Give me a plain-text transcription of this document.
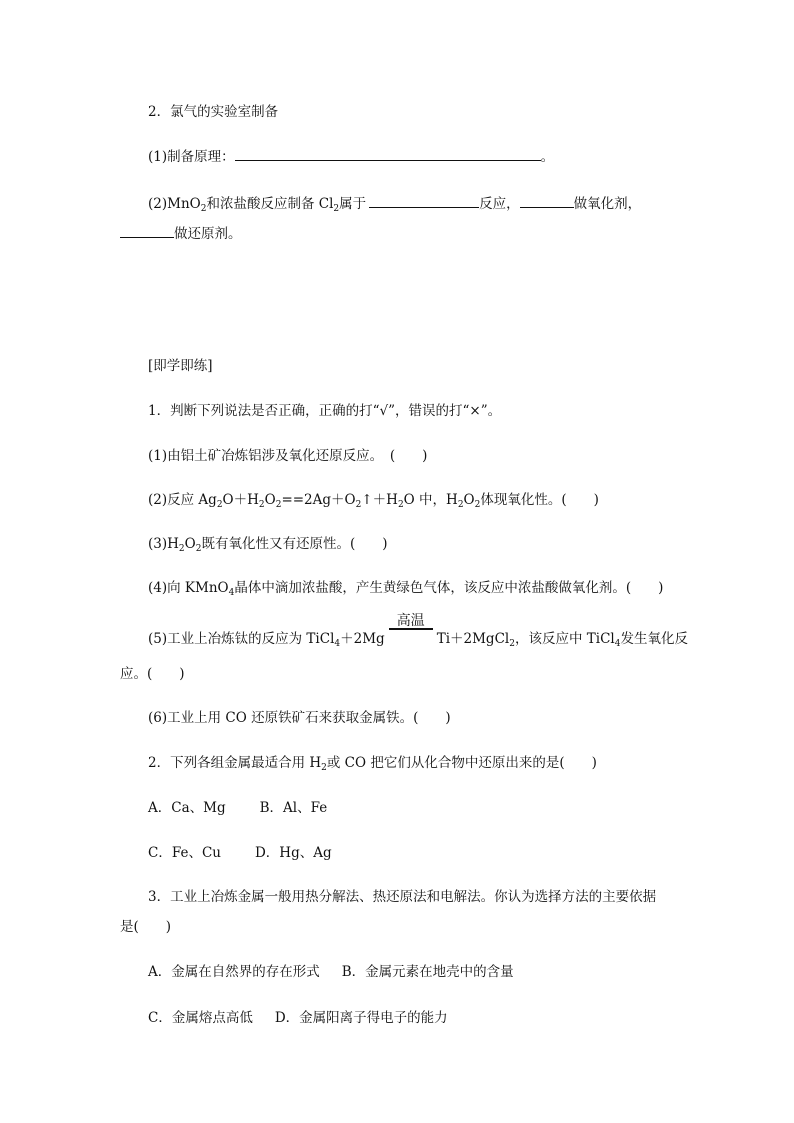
2．氯气的实验室制备
(1)制备原理：	。
(2)MnO$_2$和浓盐酸反应制备 $Cl_2$属于	反应，	做氧化剂，
做还原剂。
[即学即练]
1．判断下列说法是否正确，正确的打“√”，错误的打“×”。
(1)由铝土矿冶炼铝涉及氧化还原反应。　(　　)
(2)反应 $Ag_2O+H_2O_2==2Ag+O_2↑+H_2O$ 中，$H_2O_2$体现氧化性。(　　)
$(3)H_2O_2$既有氧化性又有还原性。(　　)
(4)向 KMnO$_4$晶体中滴加浓盐酸，产生黄绿色气体，该反应中浓盐酸做氧化剂。(　　)
(5)工业上冶炼钛的反应为 TiCl$_4$＋2Mg
高温
Ti＋2MgCl$_2$，该反应中 TiCl$_4$发生氧化反
应。(　　)
(6)工业上用 CO 还原铁矿石来获取金属铁。(　　)
2．下列各组金属最适合用 $H_2$或 CO 把它们从化合物中还原出来的是(　　)
A．Ca、Mg	B．Al、Fe
C．Fe、Cu	D．Hg、Ag
3．工业上冶炼金属一般用热分解法、热还原法和电解法。你认为选择方法的主要依据
是(　　)
A．金属在自然界的存在形式 B．金属元素在地壳中的含量
C．金属熔点高低 D．金属阳离子得电子的能力
